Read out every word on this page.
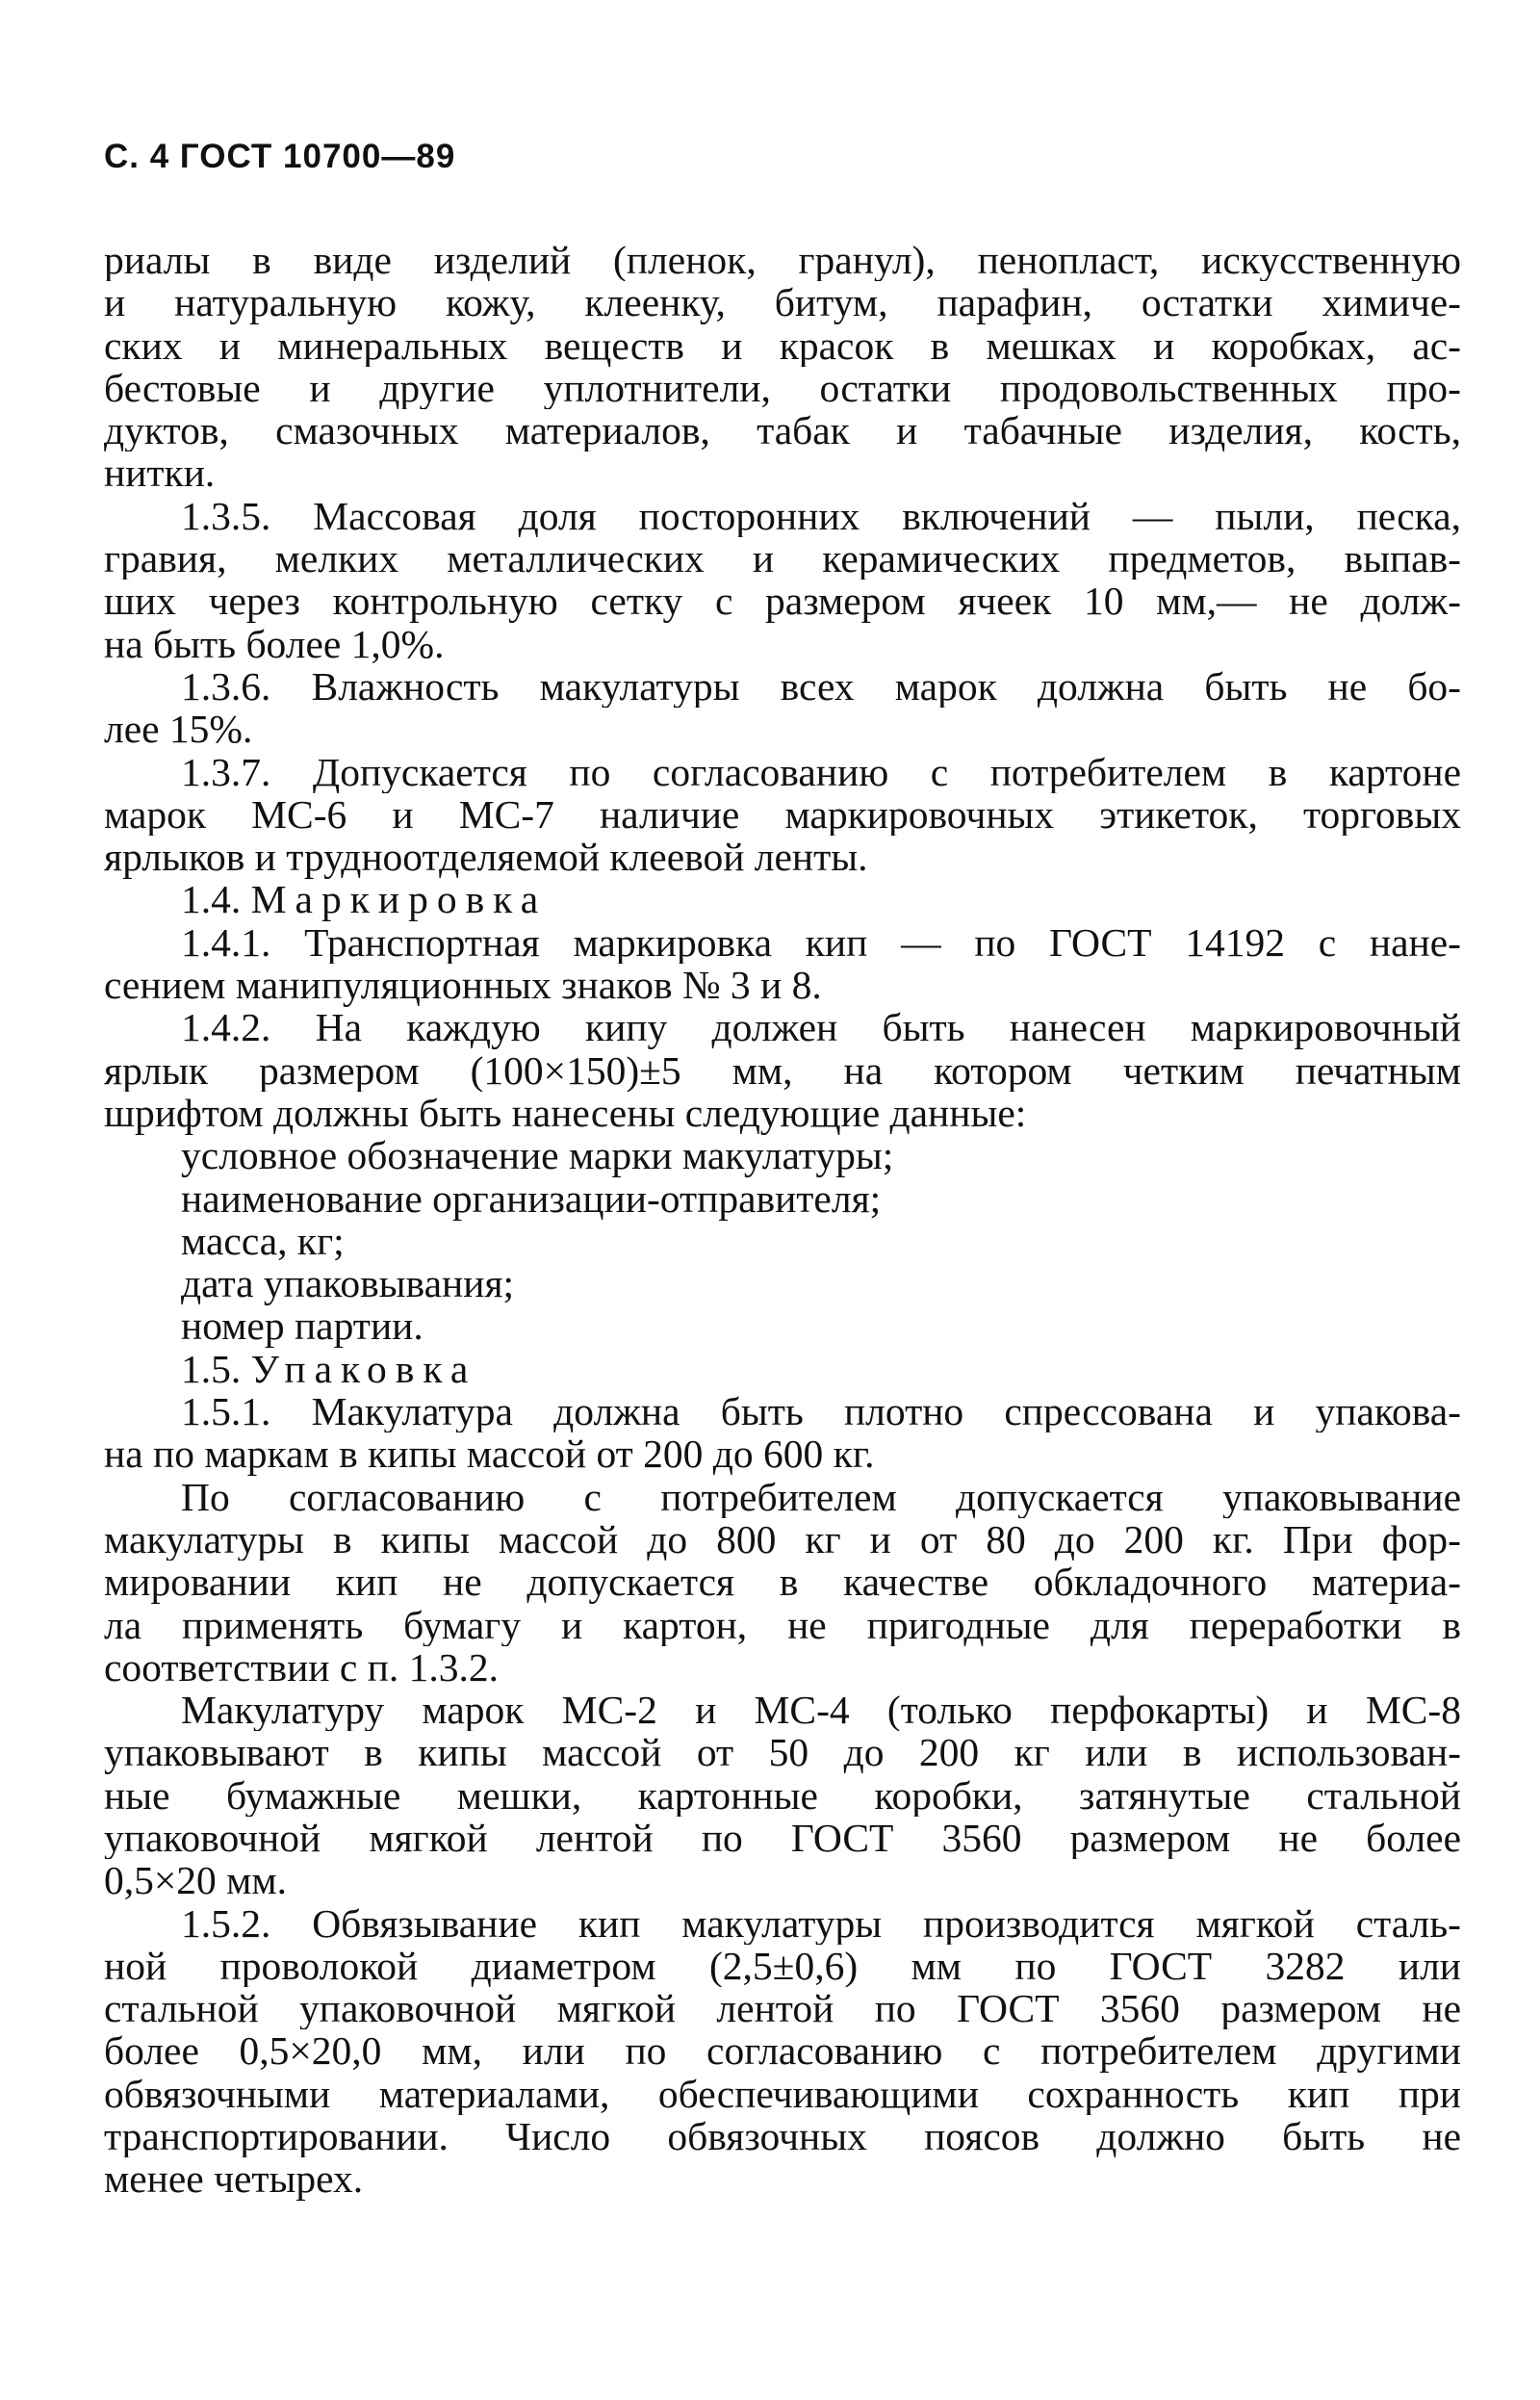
С. 4 ГОСТ 10700—89
риалы в виде изделий (пленок, гранул), пенопласт, искусственную
и натуральную кожу, клеенку, битум, парафин, остатки химиче-
ских и минеральных веществ и красок в мешках и коробках, ас-
бестовые и другие уплотнители, остатки продовольственных про-
дуктов, смазочных материалов, табак и табачные изделия, кость,
нитки.
1.3.5. Массовая доля посторонних включений — пыли, песка,
гравия, мелких металлических и керамических предметов, выпав-
ших через контрольную сетку с размером ячеек 10 мм,— не долж-
на быть более 1,0%.
1.3.6. Влажность макулатуры всех марок должна быть не бо-
лее 15%.
1.3.7. Допускается по согласованию с потребителем в картоне
марок МС-6 и МС-7 наличие маркировочных этикеток, торговых
ярлыков и трудноотделяемой клеевой ленты.
1.4. Маркировка
1.4.1. Транспортная маркировка кип — по ГОСТ 14192 с нане-
сением манипуляционных знаков № 3 и 8.
1.4.2. На каждую кипу должен быть нанесен маркировочный
ярлык размером (100×150)±5 мм, на котором четким печатным
шрифтом должны быть нанесены следующие данные:
условное обозначение марки макулатуры;
наименование организации-отправителя;
масса, кг;
дата упаковывания;
номер партии.
1.5. Упаковка
1.5.1. Макулатура должна быть плотно спрессована и упакова-
на по маркам в кипы массой от 200 до 600 кг.
По согласованию с потребителем допускается упаковывание
макулатуры в кипы массой до 800 кг и от 80 до 200 кг. При фор-
мировании кип не допускается в качестве обкладочного материа-
ла применять бумагу и картон, не пригодные для переработки в
соответствии с п. 1.3.2.
Макулатуру марок МС-2 и МС-4 (только перфокарты) и МС-8
упаковывают в кипы массой от 50 до 200 кг или в использован-
ные бумажные мешки, картонные коробки, затянутые стальной
упаковочной мягкой лентой по ГОСТ 3560 размером не более
0,5×20 мм.
1.5.2. Обвязывание кип макулатуры производится мягкой сталь-
ной проволокой диаметром (2,5±0,6) мм по ГОСТ 3282 или
стальной упаковочной мягкой лентой по ГОСТ 3560 размером не
более 0,5×20,0 мм, или по согласованию с потребителем другими
обвязочными материалами, обеспечивающими сохранность кип при
транспортировании. Число обвязочных поясов должно быть не
менее четырех.
